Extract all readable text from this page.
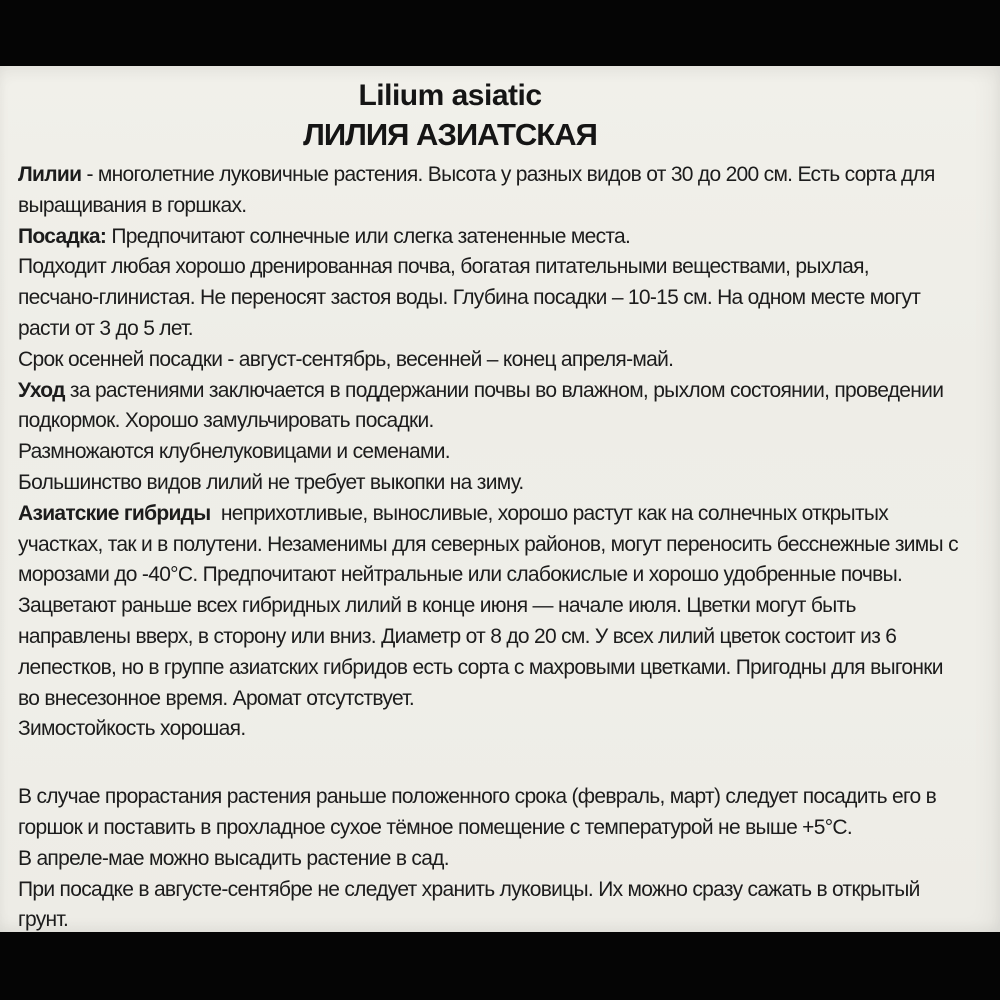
Lilium asiatic
ЛИЛИЯ АЗИАТСКАЯ
Лилии - многолетние луковичные растения. Высота у разных видов от 30 до 200 см. Есть сорта для
выращивания в горшках.
Посадка: Предпочитают солнечные или слегка затененные места.
Подходит любая хорошо дренированная почва, богатая питательными веществами, рыхлая,
песчано-глинистая. Не переносят застоя воды. Глубина посадки – 10-15 см. На одном месте могут
расти от 3 до 5 лет.
Срок осенней посадки - август-сентябрь, весенней – конец апреля-май.
Уход за растениями заключается в поддержании почвы во влажном, рыхлом состоянии, проведении
подкормок. Хорошо замульчировать посадки.
Размножаются клубнелуковицами и семенами.
Большинство видов лилий не требует выкопки на зиму.
Азиатские гибриды  неприхотливые, выносливые, хорошо растут как на солнечных открытых
участках, так и в полутени. Незаменимы для северных районов, могут переносить бесснежные зимы с
морозами до -40°С. Предпочитают нейтральные или слабокислые и хорошо удобренные почвы.
Зацветают раньше всех гибридных лилий в конце июня — начале июля. Цветки могут быть
направлены вверх, в сторону или вниз. Диаметр от 8 до 20 см. У всех лилий цветок состоит из 6
лепестков, но в группе азиатских гибридов есть сорта с махровыми цветками. Пригодны для выгонки
во внесезонное время. Аромат отсутствует.
Зимостойкость хорошая.
В случае прорастания растения раньше положенного срока (февраль, март) следует посадить его в
горшок и поставить в прохладное сухое тёмное помещение с температурой не выше +5°С.
В апреле-мае можно высадить растение в сад.
При посадке в августе-сентябре не следует хранить луковицы. Их можно сразу сажать в открытый
грунт.
